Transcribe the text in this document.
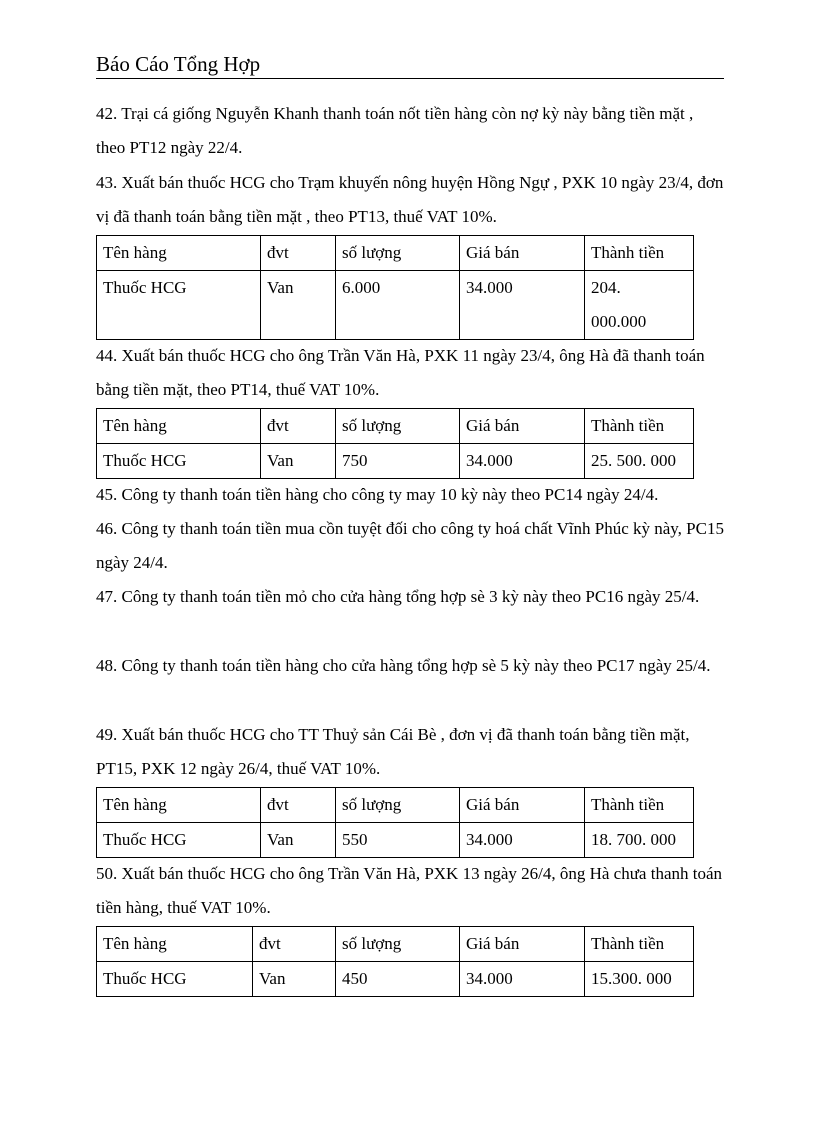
Báo Cáo Tổng Hợp

42. Trại cá giống Nguyễn Khanh thanh toán nốt tiền hàng còn nợ kỳ này bằng tiền mặt , theo PT12 ngày 22/4.

43. Xuất bán thuốc HCG cho Trạm khuyến nông huyện Hồng Ngự , PXK 10 ngày 23/4, đơn vị đã thanh toán bằng tiền mặt , theo PT13, thuế VAT 10%.

Tên hàng	đvt	số lượng	Giá bán	Thành tiền
Thuốc HCG	Van	6.000	34.000	204.
000.000

44. Xuất bán thuốc HCG cho ông Trần Văn Hà, PXK 11 ngày 23/4, ông Hà đã thanh toán bằng tiền mặt, theo PT14, thuế VAT 10%.

Tên hàng	đvt	số lượng	Giá bán	Thành tiền
Thuốc HCG	Van	750	34.000	25. 500. 000

45. Công ty thanh toán tiền hàng cho công ty may 10 kỳ này theo PC14 ngày 24/4.

46. Công ty thanh toán tiền mua cồn tuyệt đối cho công ty hoá chất Vĩnh Phúc kỳ này, PC15 ngày 24/4.

47. Công ty thanh toán tiền mỏ cho cửa hàng tổng hợp sè 3 kỳ này theo PC16 ngày 25/4.

48. Công ty thanh toán tiền hàng cho cửa hàng tổng hợp sè 5 kỳ này theo PC17 ngày 25/4.

49. Xuất bán thuốc HCG cho TT Thuỷ sản Cái Bè , đơn vị đã thanh toán bằng tiền mặt, PT15, PXK 12 ngày 26/4, thuế VAT 10%.

Tên hàng	đvt	số lượng	Giá bán	Thành tiền
Thuốc HCG	Van	550	34.000	18. 700. 000

50. Xuất bán thuốc HCG cho ông Trần Văn Hà, PXK 13 ngày 26/4, ông Hà chưa thanh toán tiền hàng, thuế VAT 10%.

Tên hàng	đvt	số lượng	Giá bán	Thành tiền
Thuốc HCG	Van	450	34.000	15.300. 000
